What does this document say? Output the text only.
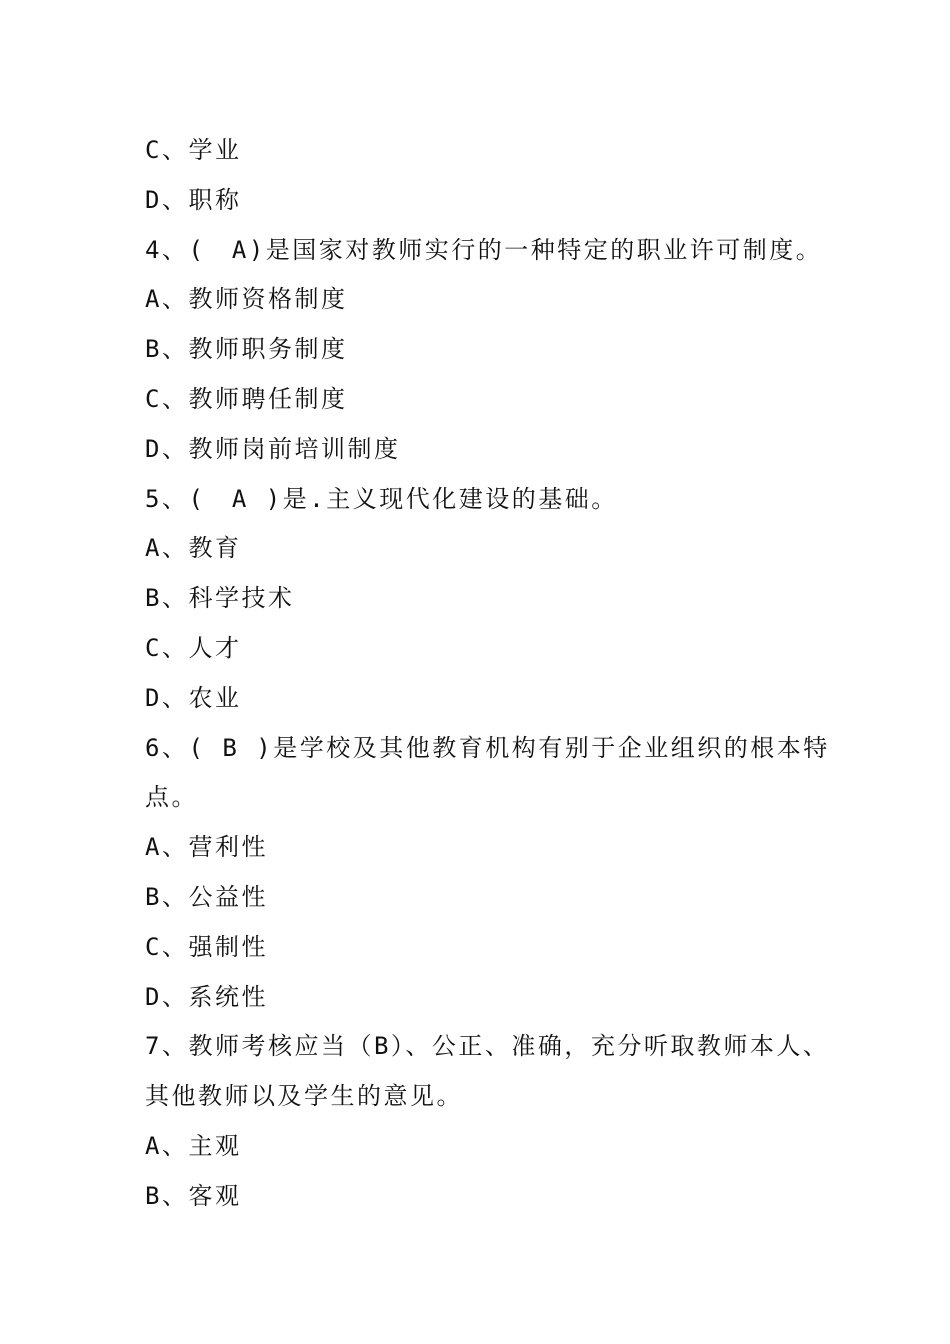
C、学业
D、职称
4、(　A)是国家对教师实行的一种特定的职业许可制度。
A、教师资格制度
B、教师职务制度
C、教师聘任制度
D、教师岗前培训制度
5、(　A )是.主义现代化建设的基础。
A、教育
B、科学技术
C、人才
D、农业
6、( B )是学校及其他教育机构有别于企业组织的根本特
点。
A、营利性
B、公益性
C、强制性
D、系统性
7、教师考核应当（B）、公正、准确，充分听取教师本人、
其他教师以及学生的意见。
A、主观
B、客观
